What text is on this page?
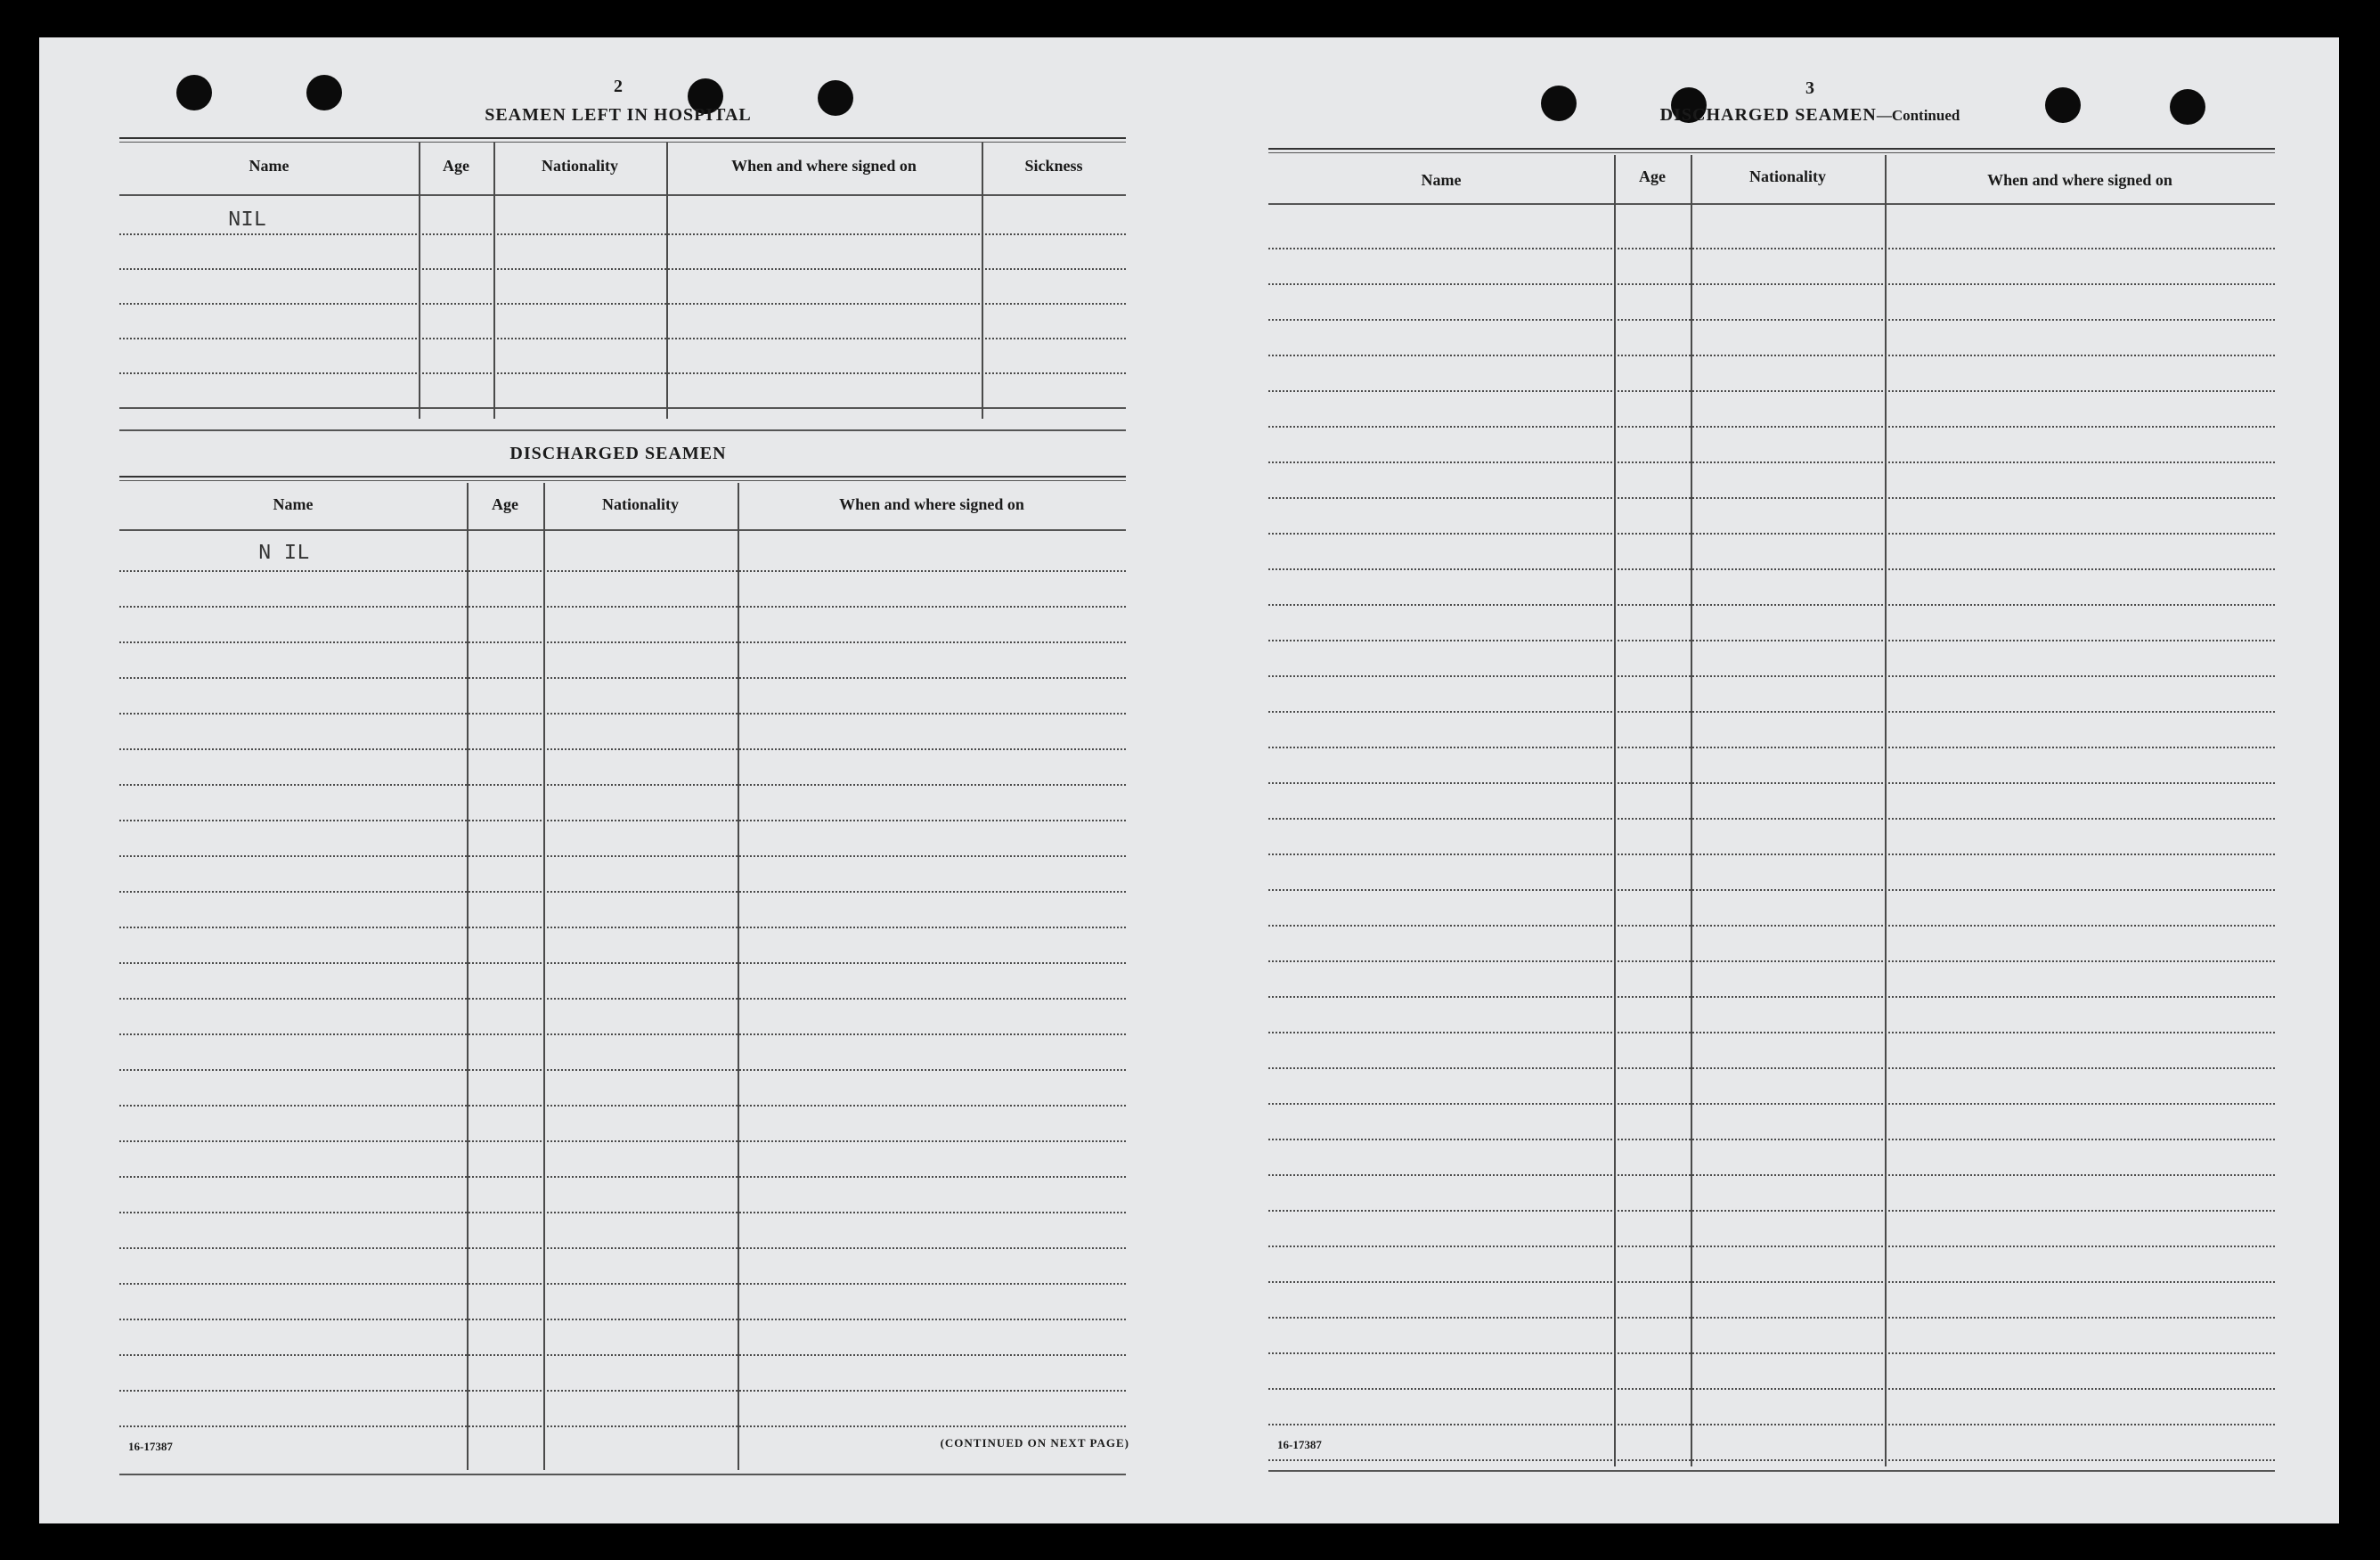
2
SEAMEN LEFT IN HOSPITAL
Name	Age	Nationality	When and where signed on	Sickness
NIL
DISCHARGED SEAMEN
Name	Age	Nationality	When and where signed on
N IL
16-17387	(CONTINUED ON NEXT PAGE)
3
DISCHARGED SEAMEN—Continued
Name	Age	Nationality	When and where signed on
16-17387
